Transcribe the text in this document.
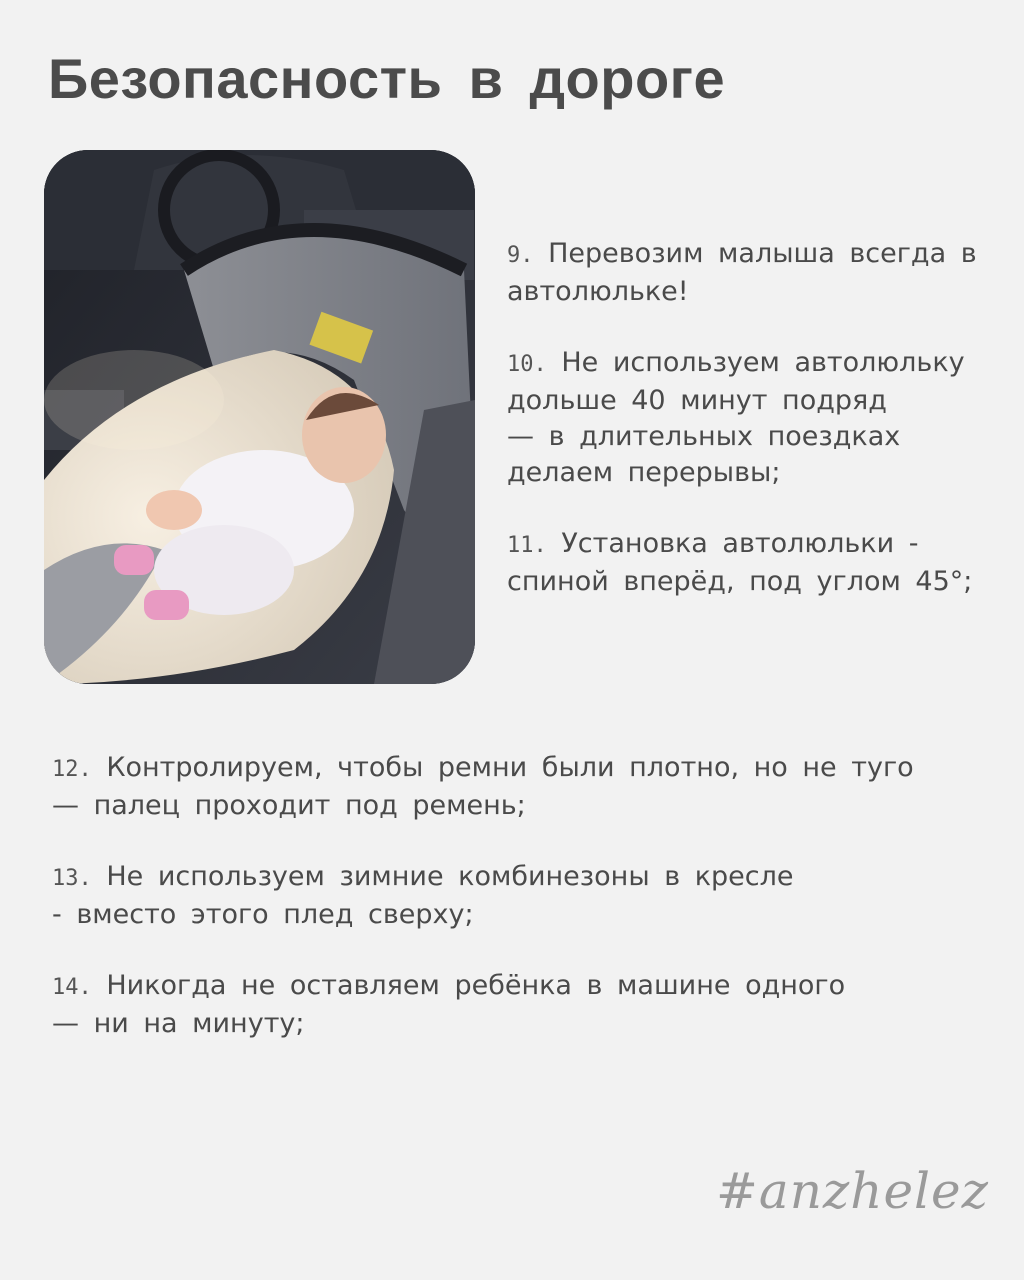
Безопасность в дороге
9. Перевозим малыша всегда в
автолюльке!
10. Не используем автолюльку
дольше 40 минут подряд
— в длительных поездках
делаем перерывы;
11. Установка автолюльки -
спиной вперёд, под углом 45°;
12. Контролируем, чтобы ремни были плотно, но не туго
— палец проходит под ремень;
13. Не используем зимние комбинезоны в кресле
- вместо этого плед сверху;
14. Никогда не оставляем ребёнка в машине одного
— ни на минуту;
#anzhelez
